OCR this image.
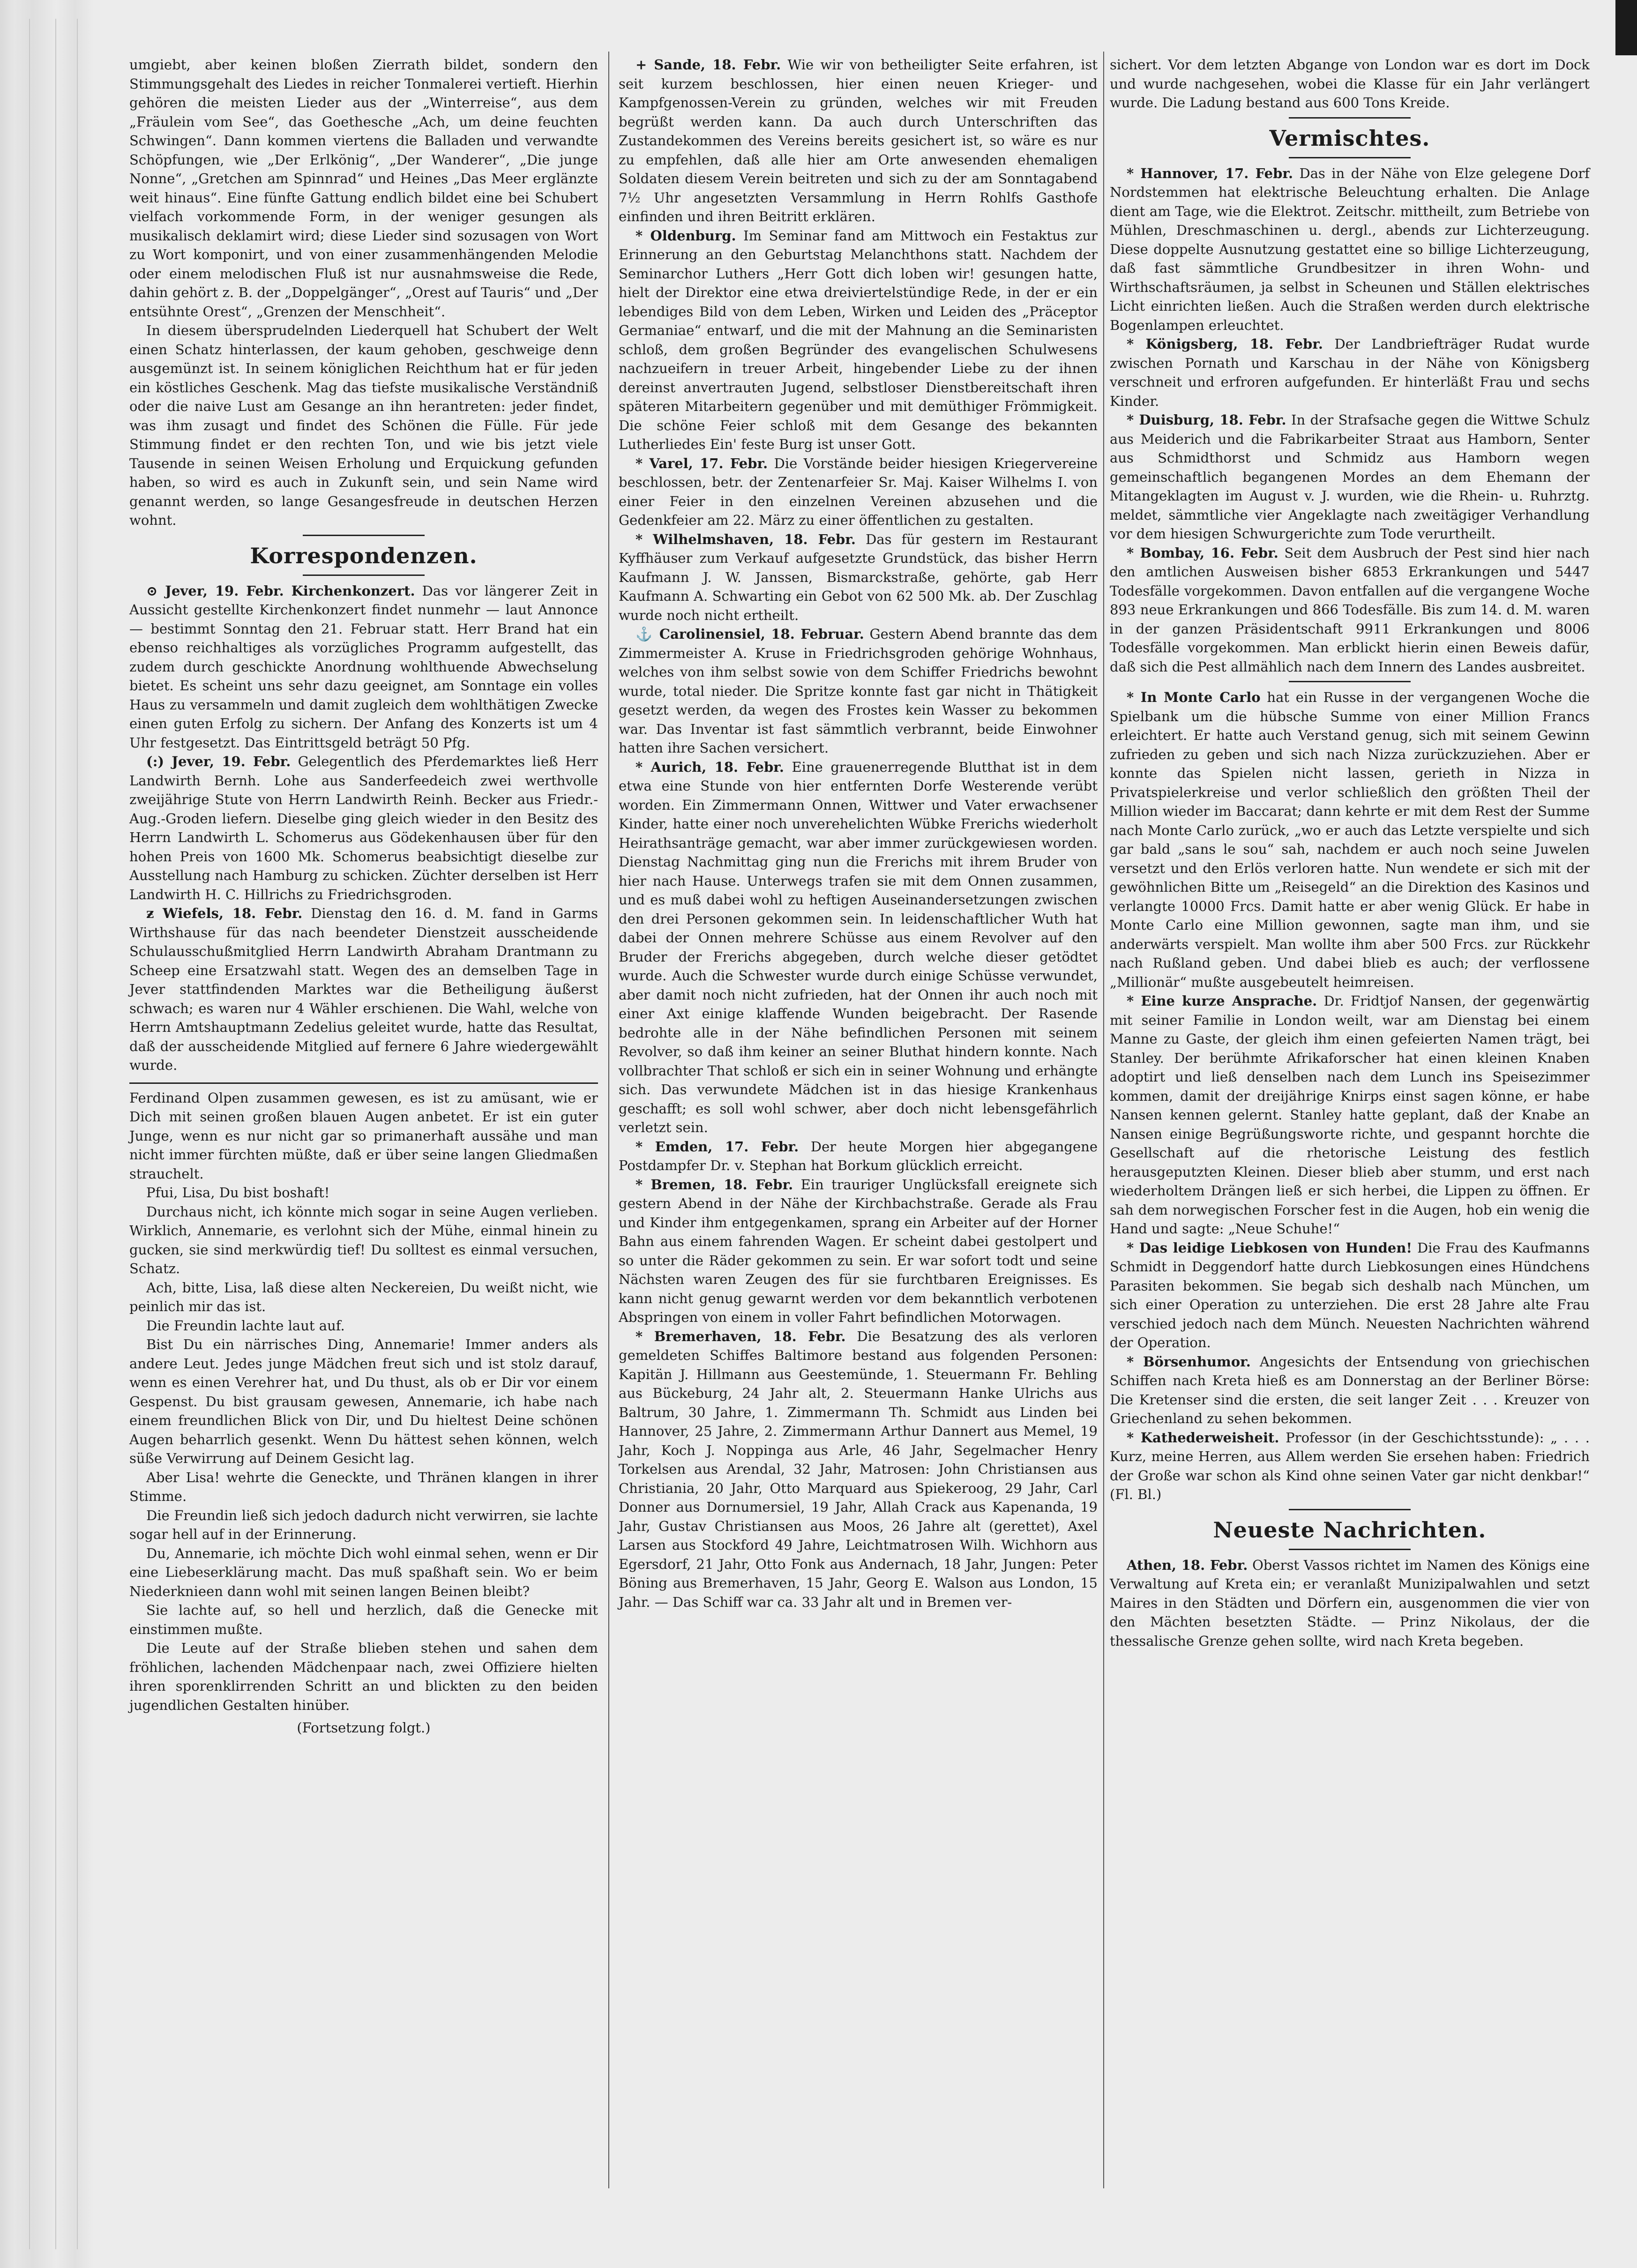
umgiebt, aber keinen bloßen Zierrath bildet, sondern den Stimmungsgehalt des Liedes in reicher Tonmalerei vertieft. Hierhin gehören die meisten Lieder aus der „Winterreise“, aus dem „Fräulein vom See“, das Goethesche „Ach, um deine feuchten Schwingen“. Dann kommen viertens die Balladen und verwandte Schöpfungen, wie „Der Erlkönig“, „Der Wanderer“, „Die junge Nonne“, „Gretchen am Spinnrad“ und Heines „Das Meer erglänzte weit hinaus“. Eine fünfte Gattung endlich bildet eine bei Schubert vielfach vorkommende Form, in der weniger gesungen als musikalisch deklamirt wird; diese Lieder sind sozusagen von Wort zu Wort komponirt, und von einer zusammenhängenden Melodie oder einem melodischen Fluß ist nur ausnahmsweise die Rede, dahin gehört z. B. der „Doppelgänger“, „Orest auf Tauris“ und „Der entsühnte Orest“, „Grenzen der Menschheit“.

In diesem übersprudelnden Liederquell hat Schubert der Welt einen Schatz hinterlassen, der kaum gehoben, geschweige denn ausgemünzt ist. In seinem königlichen Reichthum hat er für jeden ein köstliches Geschenk. Mag das tiefste musikalische Verständniß oder die naive Lust am Gesange an ihn herantreten: jeder findet, was ihm zusagt und findet des Schönen die Fülle. Für jede Stimmung findet er den rechten Ton, und wie bis jetzt viele Tausende in seinen Weisen Erholung und Erquickung gefunden haben, so wird es auch in Zukunft sein, und sein Name wird genannt werden, so lange Gesangesfreude in deutschen Herzen wohnt.

Korrespondenzen.

⊙ Jever, 19. Febr. Kirchenkonzert. Das vor längerer Zeit in Aussicht gestellte Kirchenkonzert findet nunmehr — laut Annonce — bestimmt Sonntag den 21. Februar statt. Herr Brand hat ein ebenso reichhaltiges als vorzügliches Programm aufgestellt, das zudem durch geschickte Anordnung wohlthuende Abwechselung bietet. Es scheint uns sehr dazu geeignet, am Sonntage ein volles Haus zu versammeln und damit zugleich dem wohlthätigen Zwecke einen guten Erfolg zu sichern. Der Anfang des Konzerts ist um 4 Uhr festgesetzt. Das Eintrittsgeld beträgt 50 Pfg.

(:) Jever, 19. Febr. Gelegentlich des Pferdemarktes ließ Herr Landwirth Bernh. Lohe aus Sanderfeedeich zwei werthvolle zweijährige Stute von Herrn Landwirth Reinh. Becker aus Friedr.-Aug.-Groden liefern. Dieselbe ging gleich wieder in den Besitz des Herrn Landwirth L. Schomerus aus Gödekenhausen über für den hohen Preis von 1600 Mk. Schomerus beabsichtigt dieselbe zur Ausstellung nach Hamburg zu schicken. Züchter derselben ist Herr Landwirth H. C. Hillrichs zu Friedrichsgroden.

ƶ Wiefels, 18. Febr. Dienstag den 16. d. M. fand in Garms Wirthshause für das nach beendeter Dienstzeit ausscheidende Schulausschußmitglied Herrn Landwirth Abraham Drantmann zu Scheep eine Ersatzwahl statt. Wegen des an demselben Tage in Jever stattfindenden Marktes war die Betheiligung äußerst schwach; es waren nur 4 Wähler erschienen. Die Wahl, welche von Herrn Amtshauptmann Zedelius geleitet wurde, hatte das Resultat, daß der ausscheidende Mitglied auf fernere 6 Jahre wiedergewählt wurde.

Ferdinand Olpen zusammen gewesen, es ist zu amüsant, wie er Dich mit seinen großen blauen Augen anbetet. Er ist ein guter Junge, wenn es nur nicht gar so primanerhaft aussähe und man nicht immer fürchten müßte, daß er über seine langen Gliedmaßen strauchelt.

Pfui, Lisa, Du bist boshaft!

Durchaus nicht, ich könnte mich sogar in seine Augen verlieben. Wirklich, Annemarie, es verlohnt sich der Mühe, einmal hinein zu gucken, sie sind merkwürdig tief! Du solltest es einmal versuchen, Schatz.

Ach, bitte, Lisa, laß diese alten Neckereien, Du weißt nicht, wie peinlich mir das ist.

Die Freundin lachte laut auf.

Bist Du ein närrisches Ding, Annemarie! Immer anders als andere Leut. Jedes junge Mädchen freut sich und ist stolz darauf, wenn es einen Verehrer hat, und Du thust, als ob er Dir vor einem Gespenst. Du bist grausam gewesen, Annemarie, ich habe nach einem freundlichen Blick von Dir, und Du hieltest Deine schönen Augen beharrlich gesenkt. Wenn Du hättest sehen können, welch süße Verwirrung auf Deinem Gesicht lag.

Aber Lisa! wehrte die Geneckte, und Thränen klangen in ihrer Stimme.

Die Freundin ließ sich jedoch dadurch nicht verwirren, sie lachte sogar hell auf in der Erinnerung.

Du, Annemarie, ich möchte Dich wohl einmal sehen, wenn er Dir eine Liebeserklärung macht. Das muß spaßhaft sein. Wo er beim Niederknieen dann wohl mit seinen langen Beinen bleibt?

Sie lachte auf, so hell und herzlich, daß die Genecke mit einstimmen mußte.

Die Leute auf der Straße blieben stehen und sahen dem fröhlichen, lachenden Mädchenpaar nach, zwei Offiziere hielten ihren sporenklirrenden Schritt an und blickten zu den beiden jugendlichen Gestalten hinüber.

(Fortsetzung folgt.)

+ Sande, 18. Febr. Wie wir von betheiligter Seite erfahren, ist seit kurzem beschlossen, hier einen neuen Krieger- und Kampfgenossen-Verein zu gründen, welches wir mit Freuden begrüßt werden kann. Da auch durch Unterschriften das Zustandekommen des Vereins bereits gesichert ist, so wäre es nur zu empfehlen, daß alle hier am Orte anwesenden ehemaligen Soldaten diesem Verein beitreten und sich zu der am Sonntagabend 7½ Uhr angesetzten Versammlung in Herrn Rohlfs Gasthofe einfinden und ihren Beitritt erklären.

* Oldenburg. Im Seminar fand am Mittwoch ein Festaktus zur Erinnerung an den Geburtstag Melanchthons statt. Nachdem der Seminarchor Luthers „Herr Gott dich loben wir! gesungen hatte, hielt der Direktor eine etwa dreiviertelstündige Rede, in der er ein lebendiges Bild von dem Leben, Wirken und Leiden des „Präceptor Germaniae“ entwarf, und die mit der Mahnung an die Seminaristen schloß, dem großen Begründer des evangelischen Schulwesens nachzueifern in treuer Arbeit, hingebender Liebe zu der ihnen dereinst anvertrauten Jugend, selbstloser Dienstbereitschaft ihren späteren Mitarbeitern gegenüber und mit demüthiger Frömmigkeit. Die schöne Feier schloß mit dem Gesange des bekannten Lutherliedes Ein' feste Burg ist unser Gott.

* Varel, 17. Febr. Die Vorstände beider hiesigen Kriegervereine beschlossen, betr. der Zentenarfeier Sr. Maj. Kaiser Wilhelms I. von einer Feier in den einzelnen Vereinen abzusehen und die Gedenkfeier am 22. März zu einer öffentlichen zu gestalten.

* Wilhelmshaven, 18. Febr. Das für gestern im Restaurant Kyffhäuser zum Verkauf aufgesetzte Grundstück, das bisher Herrn Kaufmann J. W. Janssen, Bismarckstraße, gehörte, gab Herr Kaufmann A. Schwarting ein Gebot von 62 500 Mk. ab. Der Zuschlag wurde noch nicht ertheilt.

⚓ Carolinensiel, 18. Februar. Gestern Abend brannte das dem Zimmermeister A. Kruse in Friedrichsgroden gehörige Wohnhaus, welches von ihm selbst sowie von dem Schiffer Friedrichs bewohnt wurde, total nieder. Die Spritze konnte fast gar nicht in Thätigkeit gesetzt werden, da wegen des Frostes kein Wasser zu bekommen war. Das Inventar ist fast sämmtlich verbrannt, beide Einwohner hatten ihre Sachen versichert.

* Aurich, 18. Febr. Eine grauenerregende Blutthat ist in dem etwa eine Stunde von hier entfernten Dorfe Westerende verübt worden. Ein Zimmermann Onnen, Wittwer und Vater erwachsener Kinder, hatte einer noch unverehelichten Wübke Frerichs wiederholt Heirathsanträge gemacht, war aber immer zurückgewiesen worden. Dienstag Nachmittag ging nun die Frerichs mit ihrem Bruder von hier nach Hause. Unterwegs trafen sie mit dem Onnen zusammen, und es muß dabei wohl zu heftigen Auseinandersetzungen zwischen den drei Personen gekommen sein. In leidenschaftlicher Wuth hat dabei der Onnen mehrere Schüsse aus einem Revolver auf den Bruder der Frerichs abgegeben, durch welche dieser getödtet wurde. Auch die Schwester wurde durch einige Schüsse verwundet, aber damit noch nicht zufrieden, hat der Onnen ihr auch noch mit einer Axt einige klaffende Wunden beigebracht. Der Rasende bedrohte alle in der Nähe befindlichen Personen mit seinem Revolver, so daß ihm keiner an seiner Bluthat hindern konnte. Nach vollbrachter That schloß er sich ein in seiner Wohnung und erhängte sich. Das verwundete Mädchen ist in das hiesige Krankenhaus geschafft; es soll wohl schwer, aber doch nicht lebensgefährlich verletzt sein.

* Emden, 17. Febr. Der heute Morgen hier abgegangene Postdampfer Dr. v. Stephan hat Borkum glücklich erreicht.

* Bremen, 18. Febr. Ein trauriger Unglücksfall ereignete sich gestern Abend in der Nähe der Kirchbachstraße. Gerade als Frau und Kinder ihm entgegenkamen, sprang ein Arbeiter auf der Horner Bahn aus einem fahrenden Wagen. Er scheint dabei gestolpert und so unter die Räder gekommen zu sein. Er war sofort todt und seine Nächsten waren Zeugen des für sie furchtbaren Ereignisses. Es kann nicht genug gewarnt werden vor dem bekanntlich verbotenen Abspringen von einem in voller Fahrt befindlichen Motorwagen.

* Bremerhaven, 18. Febr. Die Besatzung des als verloren gemeldeten Schiffes Baltimore bestand aus folgenden Personen: Kapitän J. Hillmann aus Geestemünde, 1. Steuermann Fr. Behling aus Bückeburg, 24 Jahr alt, 2. Steuermann Hanke Ulrichs aus Baltrum, 30 Jahre, 1. Zimmermann Th. Schmidt aus Linden bei Hannover, 25 Jahre, 2. Zimmermann Arthur Dannert aus Memel, 19 Jahr, Koch J. Noppinga aus Arle, 46 Jahr, Segelmacher Henry Torkelsen aus Arendal, 32 Jahr, Matrosen: John Christiansen aus Christiania, 20 Jahr, Otto Marquard aus Spiekeroog, 29 Jahr, Carl Donner aus Dornumersiel, 19 Jahr, Allah Crack aus Kapenanda, 19 Jahr, Gustav Christiansen aus Moos, 26 Jahre alt (gerettet), Axel Larsen aus Stockford 49 Jahre, Leichtmatrosen Wilh. Wichhorn aus Egersdorf, 21 Jahr, Otto Fonk aus Andernach, 18 Jahr, Jungen: Peter Böning aus Bremerhaven, 15 Jahr, Georg E. Walson aus London, 15 Jahr. — Das Schiff war ca. 33 Jahr alt und in Bremen ver-

sichert. Vor dem letzten Abgange von London war es dort im Dock und wurde nachgesehen, wobei die Klasse für ein Jahr verlängert wurde. Die Ladung bestand aus 600 Tons Kreide.

Vermischtes.

* Hannover, 17. Febr. Das in der Nähe von Elze gelegene Dorf Nordstemmen hat elektrische Beleuchtung erhalten. Die Anlage dient am Tage, wie die Elektrot. Zeitschr. mittheilt, zum Betriebe von Mühlen, Dreschmaschinen u. dergl., abends zur Lichterzeugung. Diese doppelte Ausnutzung gestattet eine so billige Lichterzeugung, daß fast sämmtliche Grundbesitzer in ihren Wohn- und Wirthschaftsräumen, ja selbst in Scheunen und Ställen elektrisches Licht einrichten ließen. Auch die Straßen werden durch elektrische Bogenlampen erleuchtet.

* Königsberg, 18. Febr. Der Landbriefträger Rudat wurde zwischen Pornath und Karschau in der Nähe von Königsberg verschneit und erfroren aufgefunden. Er hinterläßt Frau und sechs Kinder.

* Duisburg, 18. Febr. In der Strafsache gegen die Wittwe Schulz aus Meiderich und die Fabrikarbeiter Straat aus Hamborn, Senter aus Schmidthorst und Schmidz aus Hamborn wegen gemeinschaftlich begangenen Mordes an dem Ehemann der Mitangeklagten im August v. J. wurden, wie die Rhein- u. Ruhrztg. meldet, sämmtliche vier Angeklagte nach zweitägiger Verhandlung vor dem hiesigen Schwurgerichte zum Tode verurtheilt.

* Bombay, 16. Febr. Seit dem Ausbruch der Pest sind hier nach den amtlichen Ausweisen bisher 6853 Erkrankungen und 5447 Todesfälle vorgekommen. Davon entfallen auf die vergangene Woche 893 neue Erkrankungen und 866 Todesfälle. Bis zum 14. d. M. waren in der ganzen Präsidentschaft 9911 Erkrankungen und 8006 Todesfälle vorgekommen. Man erblickt hierin einen Beweis dafür, daß sich die Pest allmählich nach dem Innern des Landes ausbreitet.

* In Monte Carlo hat ein Russe in der vergangenen Woche die Spielbank um die hübsche Summe von einer Million Francs erleichtert. Er hatte auch Verstand genug, sich mit seinem Gewinn zufrieden zu geben und sich nach Nizza zurückzuziehen. Aber er konnte das Spielen nicht lassen, gerieth in Nizza in Privatspielerkreise und verlor schließlich den größten Theil der Million wieder im Baccarat; dann kehrte er mit dem Rest der Summe nach Monte Carlo zurück, „wo er auch das Letzte verspielte und sich gar bald „sans le sou“ sah, nachdem er auch noch seine Juwelen versetzt und den Erlös verloren hatte. Nun wendete er sich mit der gewöhnlichen Bitte um „Reisegeld“ an die Direktion des Kasinos und verlangte 10000 Frcs. Damit hatte er aber wenig Glück. Er habe in Monte Carlo eine Million gewonnen, sagte man ihm, und sie anderwärts verspielt. Man wollte ihm aber 500 Frcs. zur Rückkehr nach Rußland geben. Und dabei blieb es auch; der verflossene „Millionär“ mußte ausgebeutelt heimreisen.

* Eine kurze Ansprache. Dr. Fridtjof Nansen, der gegenwärtig mit seiner Familie in London weilt, war am Dienstag bei einem Manne zu Gaste, der gleich ihm einen gefeierten Namen trägt, bei Stanley. Der berühmte Afrikaforscher hat einen kleinen Knaben adoptirt und ließ denselben nach dem Lunch ins Speisezimmer kommen, damit der dreijährige Knirps einst sagen könne, er habe Nansen kennen gelernt. Stanley hatte geplant, daß der Knabe an Nansen einige Begrüßungsworte richte, und gespannt horchte die Gesellschaft auf die rhetorische Leistung des festlich herausgeputzten Kleinen. Dieser blieb aber stumm, und erst nach wiederholtem Drängen ließ er sich herbei, die Lippen zu öffnen. Er sah dem norwegischen Forscher fest in die Augen, hob ein wenig die Hand und sagte: „Neue Schuhe!“

* Das leidige Liebkosen von Hunden! Die Frau des Kaufmanns Schmidt in Deggendorf hatte durch Liebkosungen eines Hündchens Parasiten bekommen. Sie begab sich deshalb nach München, um sich einer Operation zu unterziehen. Die erst 28 Jahre alte Frau verschied jedoch nach dem Münch. Neuesten Nachrichten während der Operation.

* Börsenhumor. Angesichts der Entsendung von griechischen Schiffen nach Kreta hieß es am Donnerstag an der Berliner Börse: Die Kretenser sind die ersten, die seit langer Zeit . . . Kreuzer von Griechenland zu sehen bekommen.

* Kathederweisheit. Professor (in der Geschichtsstunde): „ . . . Kurz, meine Herren, aus Allem werden Sie ersehen haben: Friedrich der Große war schon als Kind ohne seinen Vater gar nicht denkbar!“ (Fl. Bl.)

Neueste Nachrichten.

Athen, 18. Febr. Oberst Vassos richtet im Namen des Königs eine Verwaltung auf Kreta ein; er veranlaßt Munizipalwahlen und setzt Maires in den Städten und Dörfern ein, ausgenommen die vier von den Mächten besetzten Städte. — Prinz Nikolaus, der die thessalische Grenze gehen sollte, wird nach Kreta begeben.
